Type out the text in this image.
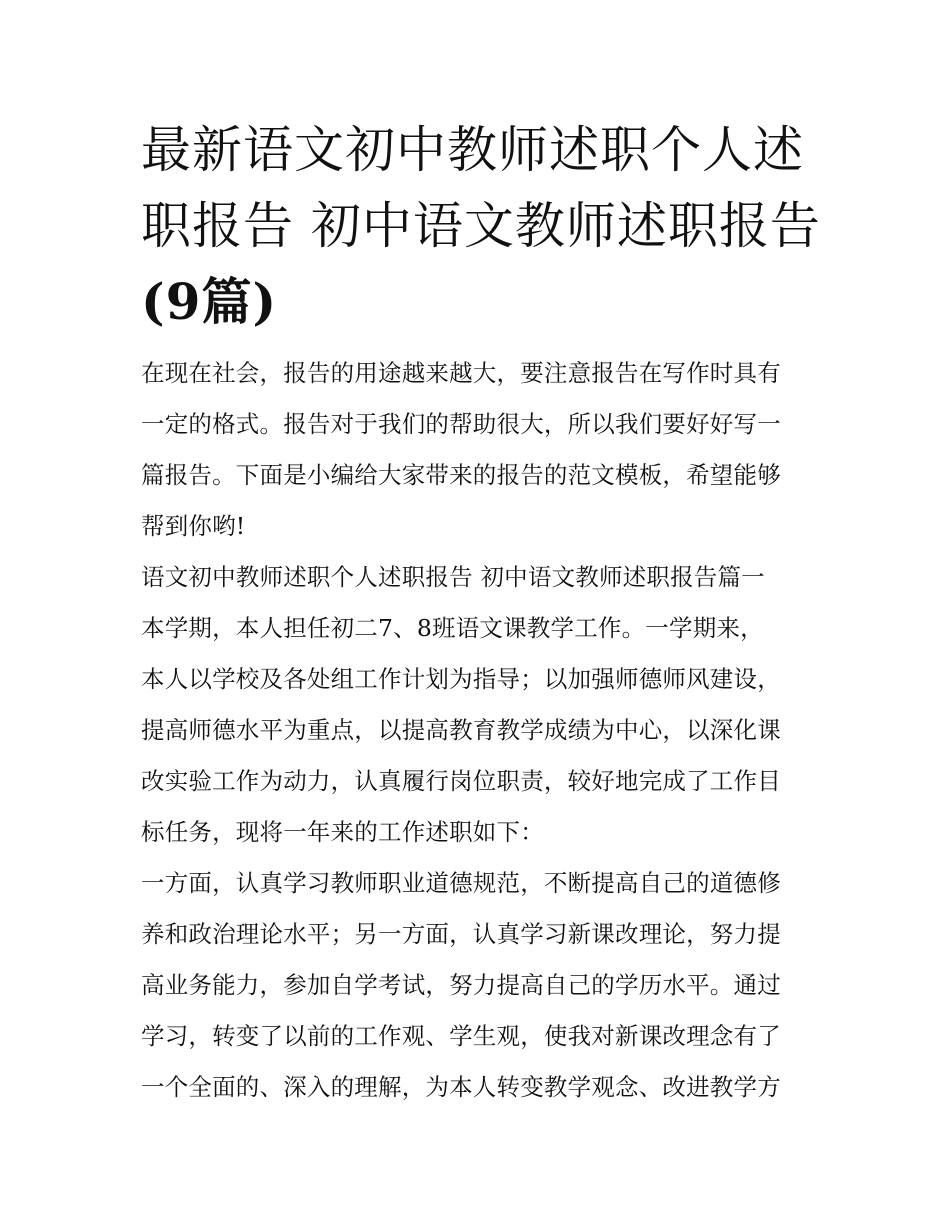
最新语文初中教师述职个人述
职报告 初中语文教师述职报告
(9篇)
在现在社会，报告的用途越来越大，要注意报告在写作时具有
一定的格式。报告对于我们的帮助很大，所以我们要好好写一
篇报告。下面是小编给大家带来的报告的范文模板，希望能够
帮到你哟!
语文初中教师述职个人述职报告 初中语文教师述职报告篇一
本学期，本人担任初二7、8班语文课教学工作。一学期来，
本人以学校及各处组工作计划为指导；以加强师德师风建设，
提高师德水平为重点，以提高教育教学成绩为中心，以深化课
改实验工作为动力，认真履行岗位职责，较好地完成了工作目
标任务，现将一年来的工作述职如下：
一方面，认真学习教师职业道德规范，不断提高自己的道德修
养和政治理论水平；另一方面，认真学习新课改理论，努力提
高业务能力，参加自学考试，努力提高自己的学历水平。通过
学习，转变了以前的工作观、学生观，使我对新课改理念有了
一个全面的、深入的理解，为本人转变教学观念、改进教学方
